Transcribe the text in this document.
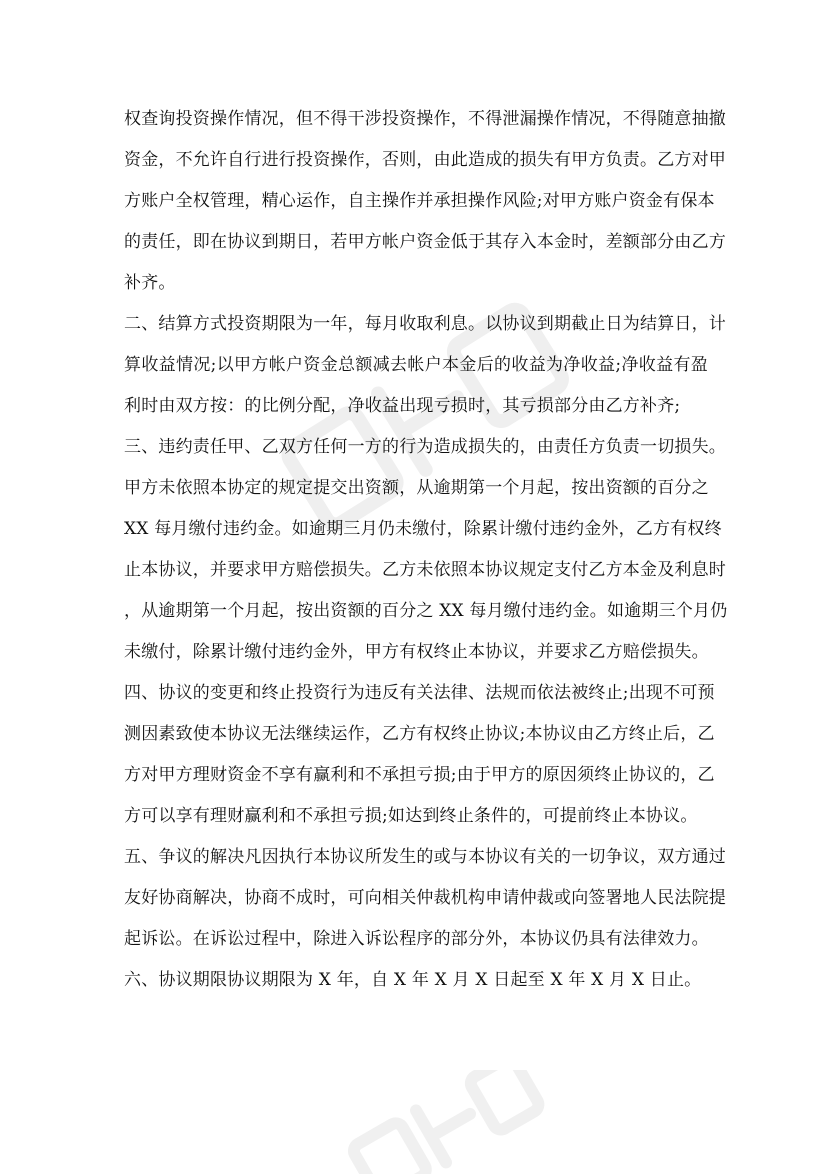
权查询投资操作情况，但不得干涉投资操作，不得泄漏操作情况，不得随意抽撤
资金，不允许自行进行投资操作，否则，由此造成的损失有甲方负责。乙方对甲
方账户全权管理，精心运作，自主操作并承担操作风险;对甲方账户资金有保本
的责任，即在协议到期日，若甲方帐户资金低于其存入本金时，差额部分由乙方
补齐。
二、结算方式投资期限为一年，每月收取利息。以协议到期截止日为结算日，计
算收益情况;以甲方帐户资金总额减去帐户本金后的收益为净收益;净收益有盈
利时由双方按：的比例分配，净收益出现亏损时，其亏损部分由乙方补齐;
三、违约责任甲、乙双方任何一方的行为造成损失的，由责任方负责一切损失。
甲方未依照本协定的规定提交出资额，从逾期第一个月起，按出资额的百分之
XX 每月缴付违约金。如逾期三月仍未缴付，除累计缴付违约金外，乙方有权终
止本协议，并要求甲方赔偿损失。乙方未依照本协议规定支付乙方本金及利息时
，从逾期第一个月起，按出资额的百分之 XX 每月缴付违约金。如逾期三个月仍
未缴付，除累计缴付违约金外，甲方有权终止本协议，并要求乙方赔偿损失。
四、协议的变更和终止投资行为违反有关法律、法规而依法被终止;出现不可预
测因素致使本协议无法继续运作，乙方有权终止协议;本协议由乙方终止后，乙
方对甲方理财资金不享有赢利和不承担亏损;由于甲方的原因须终止协议的，乙
方可以享有理财赢利和不承担亏损;如达到终止条件的，可提前终止本协议。
五、争议的解决凡因执行本协议所发生的或与本协议有关的一切争议，双方通过
友好协商解决，协商不成时，可向相关仲裁机构申请仲裁或向签署地人民法院提
起诉讼。在诉讼过程中，除进入诉讼程序的部分外，本协议仍具有法律效力。
六、协议期限协议期限为 X 年，自 X 年 X 月 X 日起至 X 年 X 月 X 日止。
